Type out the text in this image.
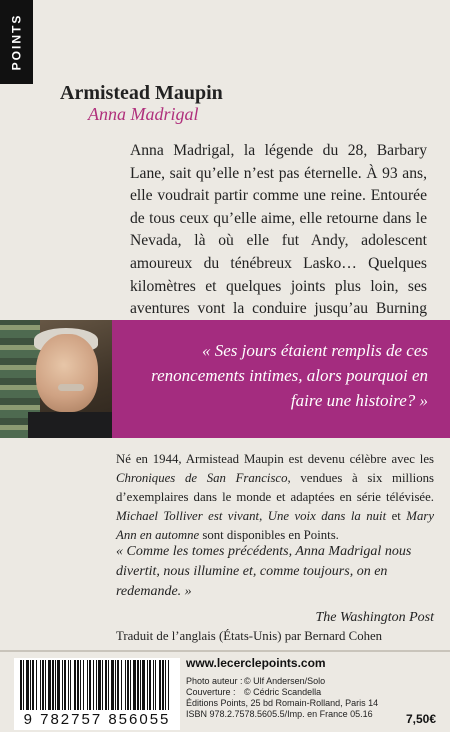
POINTS
Armistead Maupin
Anna Madrigal
Anna Madrigal, la légende du 28, Barbary Lane, sait qu’elle n’est pas éternelle. À 93 ans, elle voudrait partir comme une reine. Entourée de tous ceux qu’elle aime, elle retourne dans le Nevada, là où elle fut Andy, adolescent amoureux du ténébreux Lasko… Quelques kilomètres et quelques joints plus loin, ses aventures vont la conduire jusqu’au Burning
« Ses jours étaient remplis de ces renoncements intimes, alors pourquoi en faire une histoire? »
Né en 1944, Armistead Maupin est devenu célèbre avec les Chroniques de San Francisco, vendues à six millions d’exemplaires dans le monde et adaptées en série télévisée. Michael Tolliver est vivant, Une voix dans la nuit et Mary Ann en automne sont disponibles en Points.
« Comme les tomes précédents, Anna Madrigal nous divertit, nous illumine et, comme toujours, on en redemande. »
The Washington Post
Traduit de l’anglais (États-Unis) par Bernard Cohen
9 782757 856055
www.lecerclepoints.com
Photo auteur : © Ulf Andersen/Solo
Couverture : © Cédric Scandella
Éditions Points, 25 bd Romain-Rolland, Paris 14
ISBN 978.2.7578.5605.5/Imp. en France 05.16	7,50€
